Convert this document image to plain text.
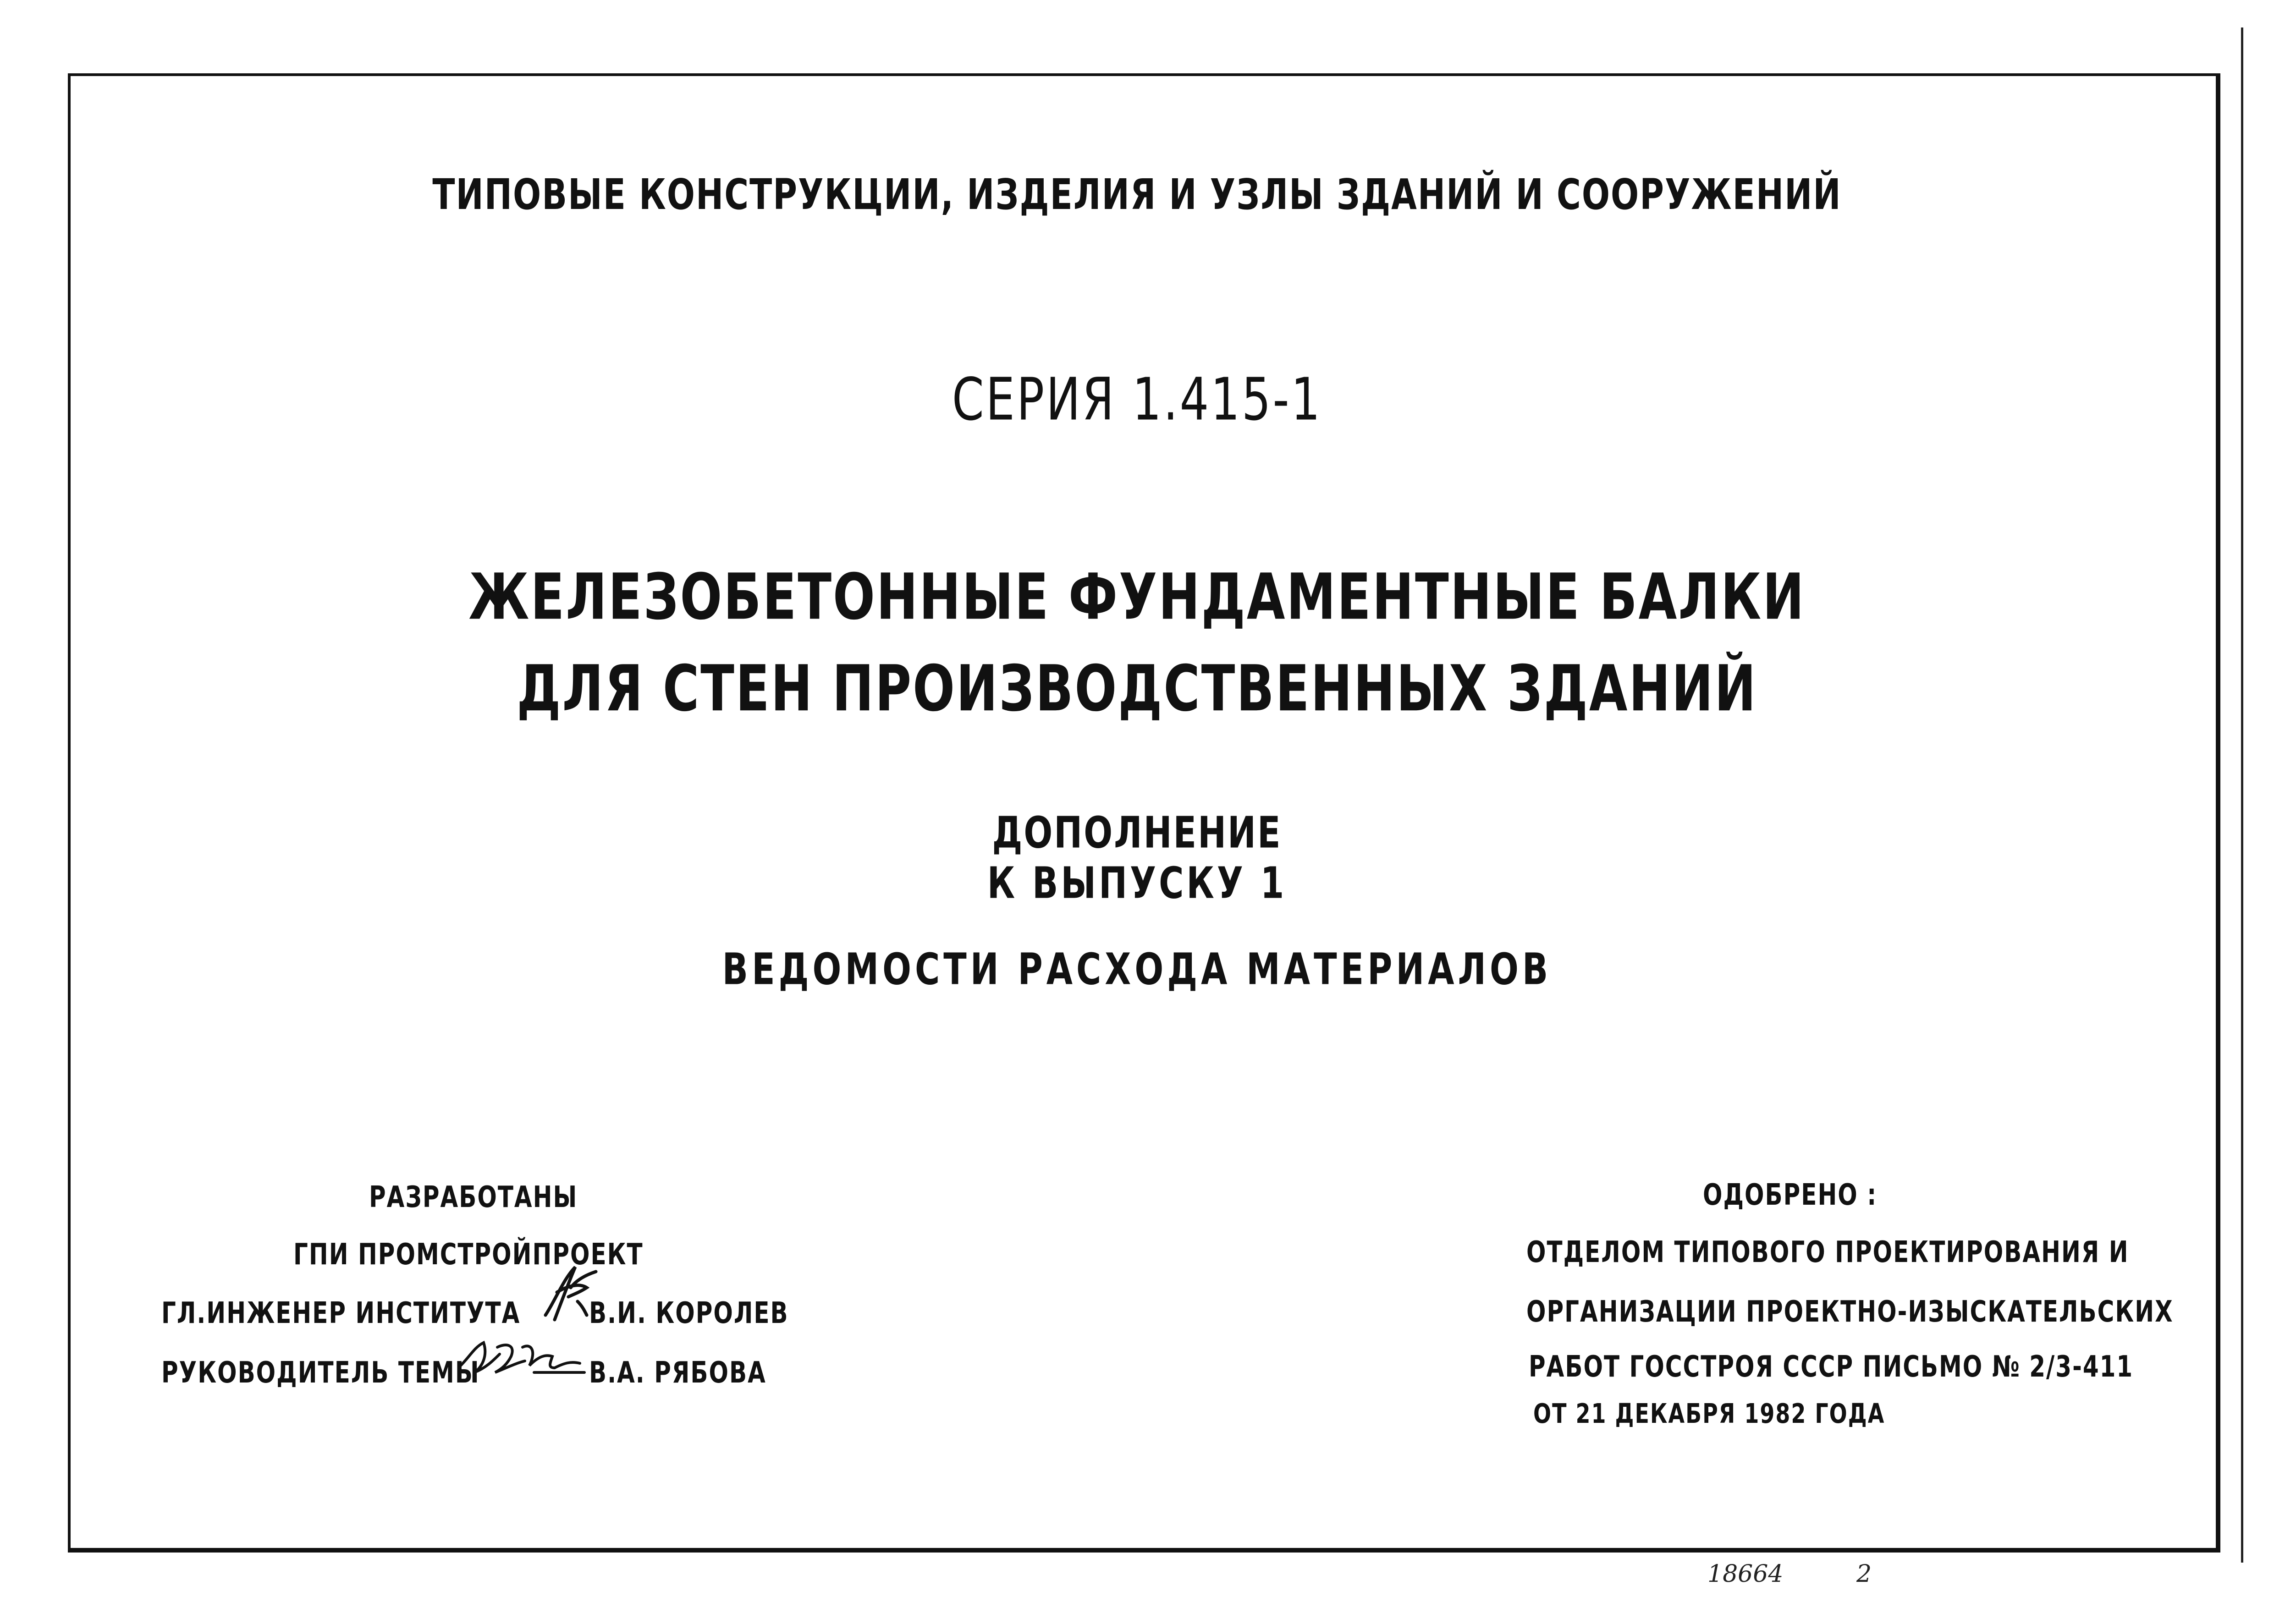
ТИПОВЫЕ КОНСТРУКЦИИ, ИЗДЕЛИЯ И УЗЛЫ ЗДАНИЙ И СООРУЖЕНИЙ
СЕРИЯ 1.415-1
ЖЕЛЕЗОБЕТОННЫЕ ФУНДАМЕНТНЫЕ БАЛКИ
ДЛЯ СТЕН ПРОИЗВОДСТВЕННЫХ ЗДАНИЙ
ДОПОЛНЕНИЕ
К ВЫПУСКУ 1
ВЕДОМОСТИ РАСХОДА МАТЕРИАЛОВ
РАЗРАБОТАНЫ
ГПИ ПРОМСТРОЙПРОЕКТ
ГЛ.ИНЖЕНЕР ИНСТИТУТА	В.И. КОРОЛЕВ
РУКОВОДИТЕЛЬ ТЕМЫ	В.А. РЯБОВА
ОДОБРЕНО :
ОТДЕЛОМ ТИПОВОГО ПРОЕКТИРОВАНИЯ И
ОРГАНИЗАЦИИ ПРОЕКТНО-ИЗЫСКАТЕЛЬСКИХ
РАБОТ ГОССТРОЯ СССР ПИСЬМО № 2/3-411
ОТ 21 ДЕКАБРЯ 1982 ГОДА
18664	2
